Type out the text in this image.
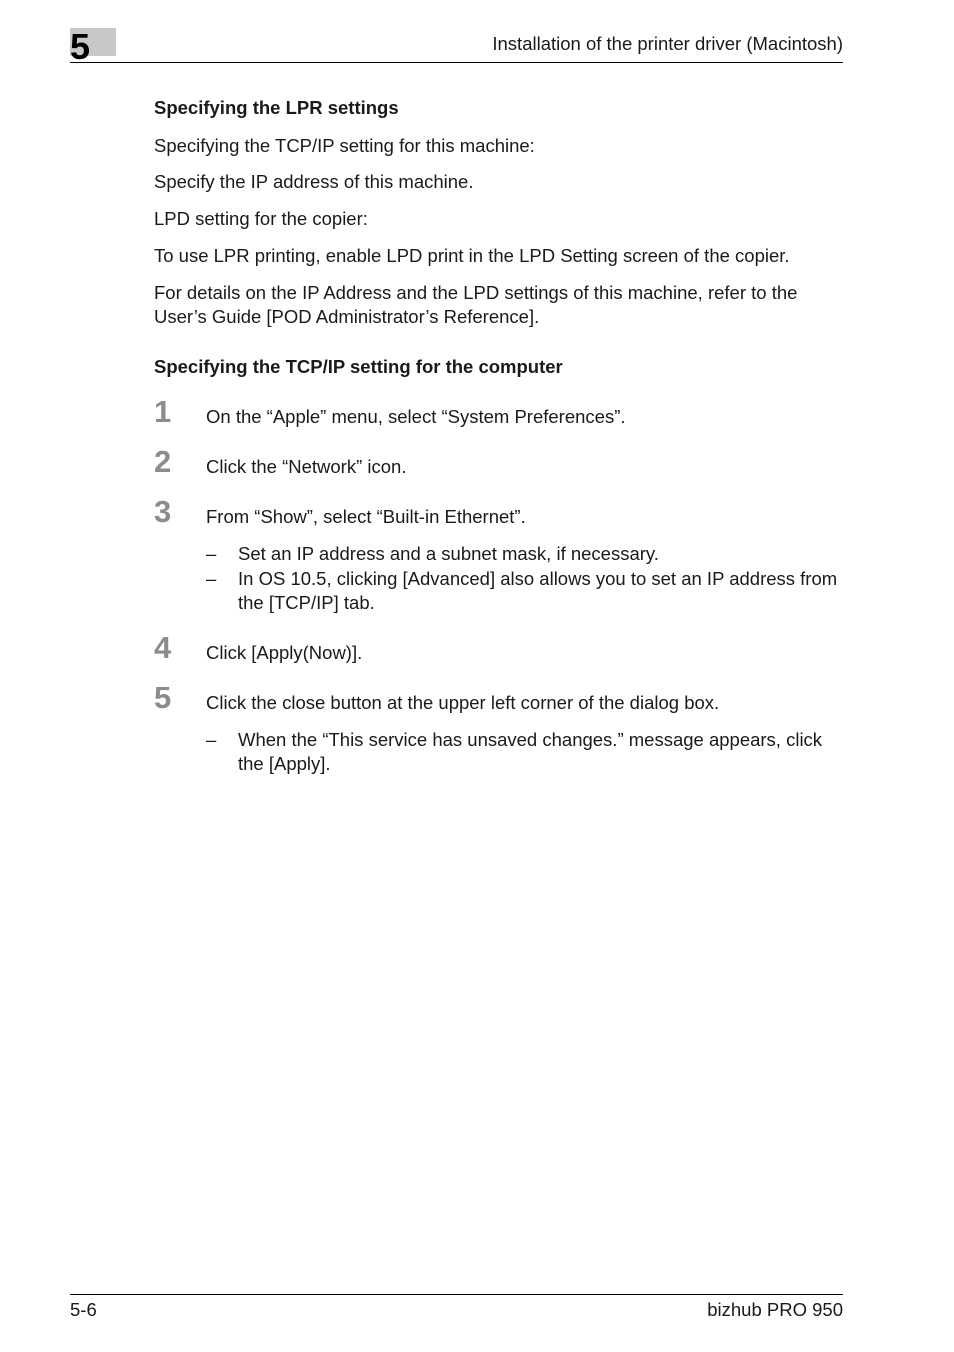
5	Installation of the printer driver (Macintosh)

Specifying the LPR settings

Specifying the TCP/IP setting for this machine:

Specify the IP address of this machine.

LPD setting for the copier:

To use LPR printing, enable LPD print in the LPD Setting screen of the copier.

For details on the IP Address and the LPD settings of this machine, refer to the User’s Guide [POD Administrator’s Reference].

Specifying the TCP/IP setting for the computer

1 On the “Apple” menu, select “System Preferences”.
2 Click the “Network” icon.
3 From “Show”, select “Built-in Ethernet”.
– Set an IP address and a subnet mask, if necessary.
– In OS 10.5, clicking [Advanced] also allows you to set an IP address from the [TCP/IP] tab.
4 Click [Apply(Now)].
5 Click the close button at the upper left corner of the dialog box.
– When the “This service has unsaved changes.” message appears, click the [Apply].
5-6	bizhub PRO 950
